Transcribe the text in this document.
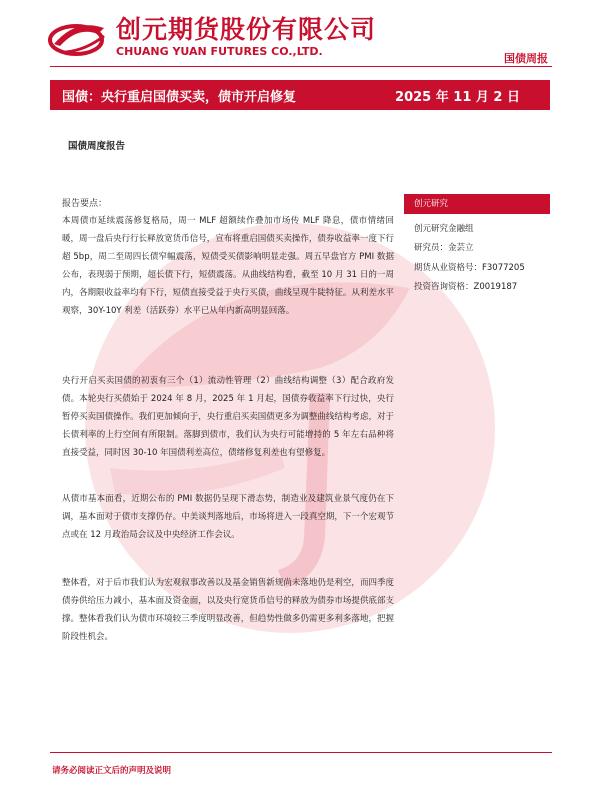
创元期货股份有限公司
CHUANG YUAN FUTURES CO.,LTD.
国债周报
国债：央行重启国债买卖，债市开启修复	2025 年 11 月 2 日
国债周度报告
报告要点：

本周债市延续震荡修复格局，周一 MLF 超额续作叠加市场传 MLF 降息，债市情绪回暖，周一盘后央行行长释放宽货币信号，宣布将重启国债买卖操作，债券收益率一度下行超 5bp，周二至周四长债窄幅震荡，短债受买债影响明显走强。周五早盘官方 PMI 数据公布，表现弱于预期，超长债下行，短债震荡。从曲线结构看，截至 10 月 31 日的一周内，各期限收益率均有下行，短债直接受益于央行买债，曲线呈现牛陡特征。从利差水平观察，30Y-10Y 利差（活跃券）水平已从年内新高明显回落。

央行开启买卖国债的初衷有三个（1）流动性管理（2）曲线结构调整（3）配合政府发债。本轮央行买债始于 2024 年 8 月，2025 年 1 月起，国债券收益率下行过快，央行暂停买卖国债操作。我们更加倾向于，央行重启买卖国债更多为调整曲线结构考虑，对于长债利率的上行空间有所限制。落脚到债市，我们认为央行可能增持的 5 年左右品种将直接受益，同时因 30-10 年国债利差高位，债绪修复利差也有望修复。

从债市基本面看，近期公布的 PMI 数据仍呈现下滑态势，制造业及建筑业景气度仍在下调，基本面对于债市支撑仍存。中美谈判落地后，市场将进入一段真空期，下一个宏观节点或在 12 月政治局会议及中央经济工作会议。

整体看，对于后市我们认为宏观叙事改善以及基金销售新规尚未落地仍是利空，而四季度债券供给压力减小，基本面及资金面，以及央行宽货币信号的释放为债券市场提供底部支撑。整体看我们认为债市环境较三季度明显改善，但趋势性做多仍需更多利多落地，把握阶段性机会。

创元研究
创元研究金融组
研究员：金芸立
期货从业资格号：F3077205
投资咨询资格：Z0019187
请务必阅读正文后的声明及说明
